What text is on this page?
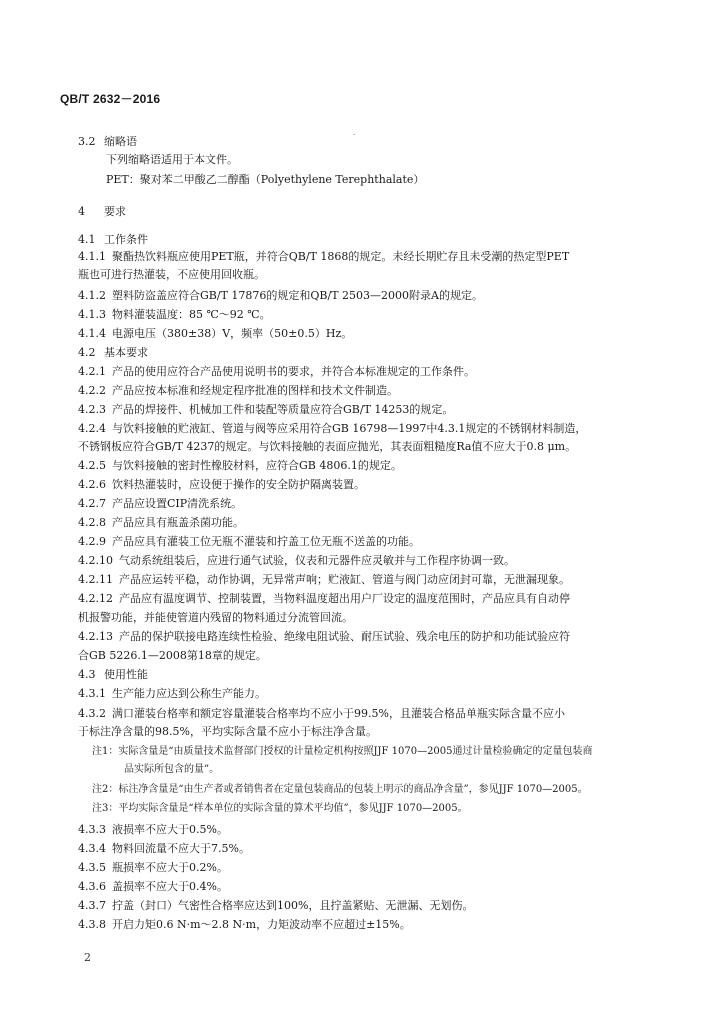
QB/T 2632－2016
3.2 缩略语
下列缩略语适用于本文件。
PET：聚对苯二甲酸乙二醇酯（Polyethylene Terephthalate）
4 要求
4.1 工作条件
4.1.1 聚酯热饮料瓶应使用PET瓶，并符合QB/T 1868的规定。未经长期贮存且未受潮的热定型PET
瓶也可进行热灌装，不应使用回收瓶。
4.1.2 塑料防盗盖应符合GB/T 17876的规定和QB/T 2503—2000附录A的规定。
4.1.3 物料灌装温度：85 ℃～92 ℃。
4.1.4 电源电压（380±38）V，频率（50±0.5）Hz。
4.2 基本要求
4.2.1 产品的使用应符合产品使用说明书的要求，并符合本标准规定的工作条件。
4.2.2 产品应按本标准和经规定程序批准的图样和技术文件制造。
4.2.3 产品的焊接件、机械加工件和装配等质量应符合GB/T 14253的规定。
4.2.4 与饮料接触的贮液缸、管道与阀等应采用符合GB 16798—1997中4.3.1规定的不锈钢材料制造，
不锈钢板应符合GB/T 4237的规定。与饮料接触的表面应抛光，其表面粗糙度Ra值不应大于0.8 μm。
4.2.5 与饮料接触的密封性橡胶材料，应符合GB 4806.1的规定。
4.2.6 饮料热灌装时，应设便于操作的安全防护隔离装置。
4.2.7 产品应设置CIP清洗系统。
4.2.8 产品应具有瓶盖杀菌功能。
4.2.9 产品应具有灌装工位无瓶不灌装和拧盖工位无瓶不送盖的功能。
4.2.10 气动系统组装后，应进行通气试验，仪表和元器件应灵敏并与工作程序协调一致。
4.2.11 产品应运转平稳，动作协调，无异常声响；贮液缸、管道与阀门动应闭封可靠，无泄漏现象。
4.2.12 产品应有温度调节、控制装置，当物料温度超出用户厂设定的温度范围时，产品应具有自动停
机报警功能，并能使管道内残留的物料通过分流管回流。
4.2.13 产品的保护联接电路连续性检验、绝缘电阻试验、耐压试验、残余电压的防护和功能试验应符
合GB 5226.1—2008第18章的规定。
4.3 使用性能
4.3.1 生产能力应达到公称生产能力。
4.3.2 满口灌装台格率和额定容量灌装合格率均不应小于99.5%，且灌装合格品单瓶实际含量不应小
于标注净含量的98.5%，平均实际含量不应小于标注净含量。
注1：实际含量是“由质量技术监督部门授权的计量检定机构按照JJF 1070—2005通过计量检验确定的定量包装商
品实际所包含的量”。
注2：标注净含量是“由生产者或者销售者在定量包装商品的包装上明示的商品净含量”，参见JJF 1070—2005。
注3：平均实际含量是“样本单位的实际含量的算术平均值”，参见JJF 1070—2005。
4.3.3 液损率不应大于0.5%。
4.3.4 物料回流量不应大于7.5%。
4.3.5 瓶损率不应大于0.2%。
4.3.6 盖损率不应大于0.4%。
4.3.7 拧盖（封口）气密性合格率应达到100%，且拧盖紧贴、无泄漏、无划伤。
4.3.8 开启力矩0.6 N·m～2.8 N·m，力矩波动率不应超过±15%。
2
